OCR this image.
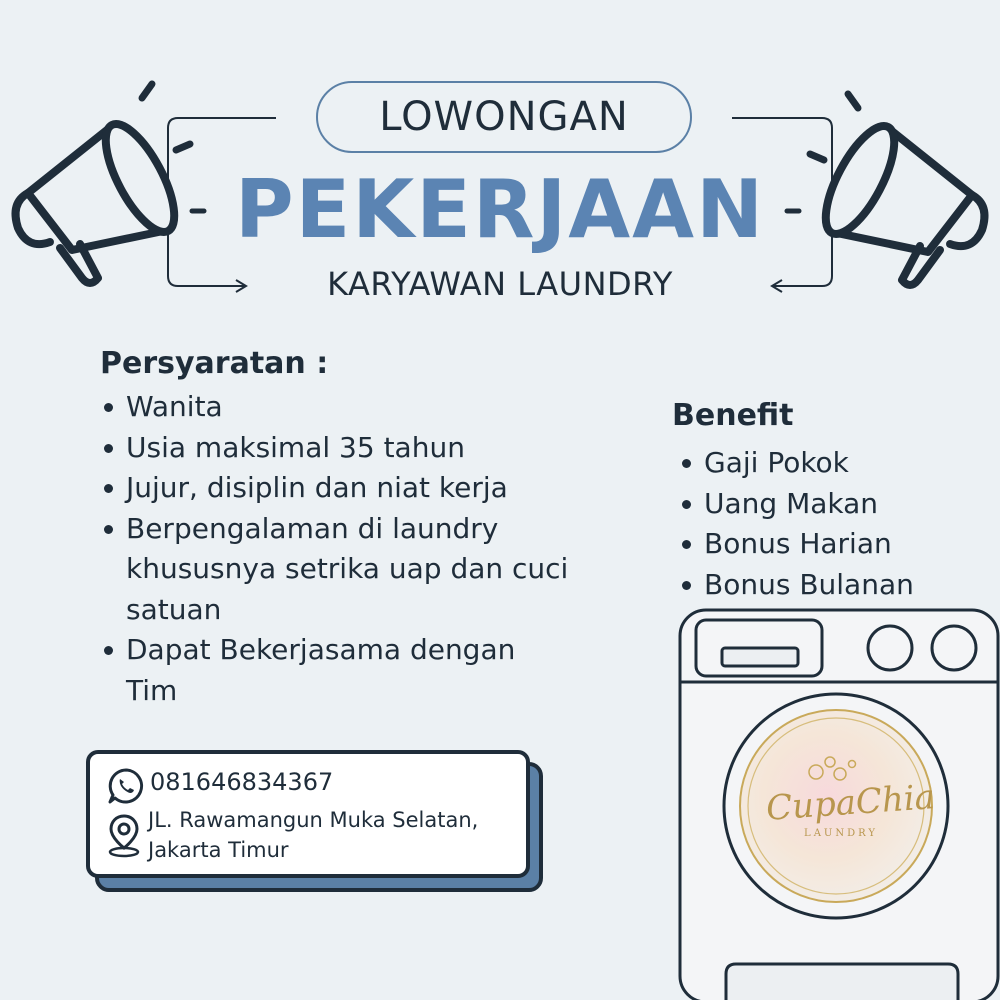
LOWONGAN
PEKERJAAN
KARYAWAN LAUNDRY
Persyaratan :
Wanita
Usia maksimal 35 tahun
Jujur, disiplin dan niat kerja
Berpengalaman di laundry khususnya setrika uap dan cuci satuan
Dapat Bekerjasama dengan Tim
Benefit
Gaji Pokok
Uang Makan
Bonus Harian
Bonus Bulanan
081646834367
JL. Rawamangun Muka Selatan,
Jakarta Timur
CupaChia
LAUNDRY
